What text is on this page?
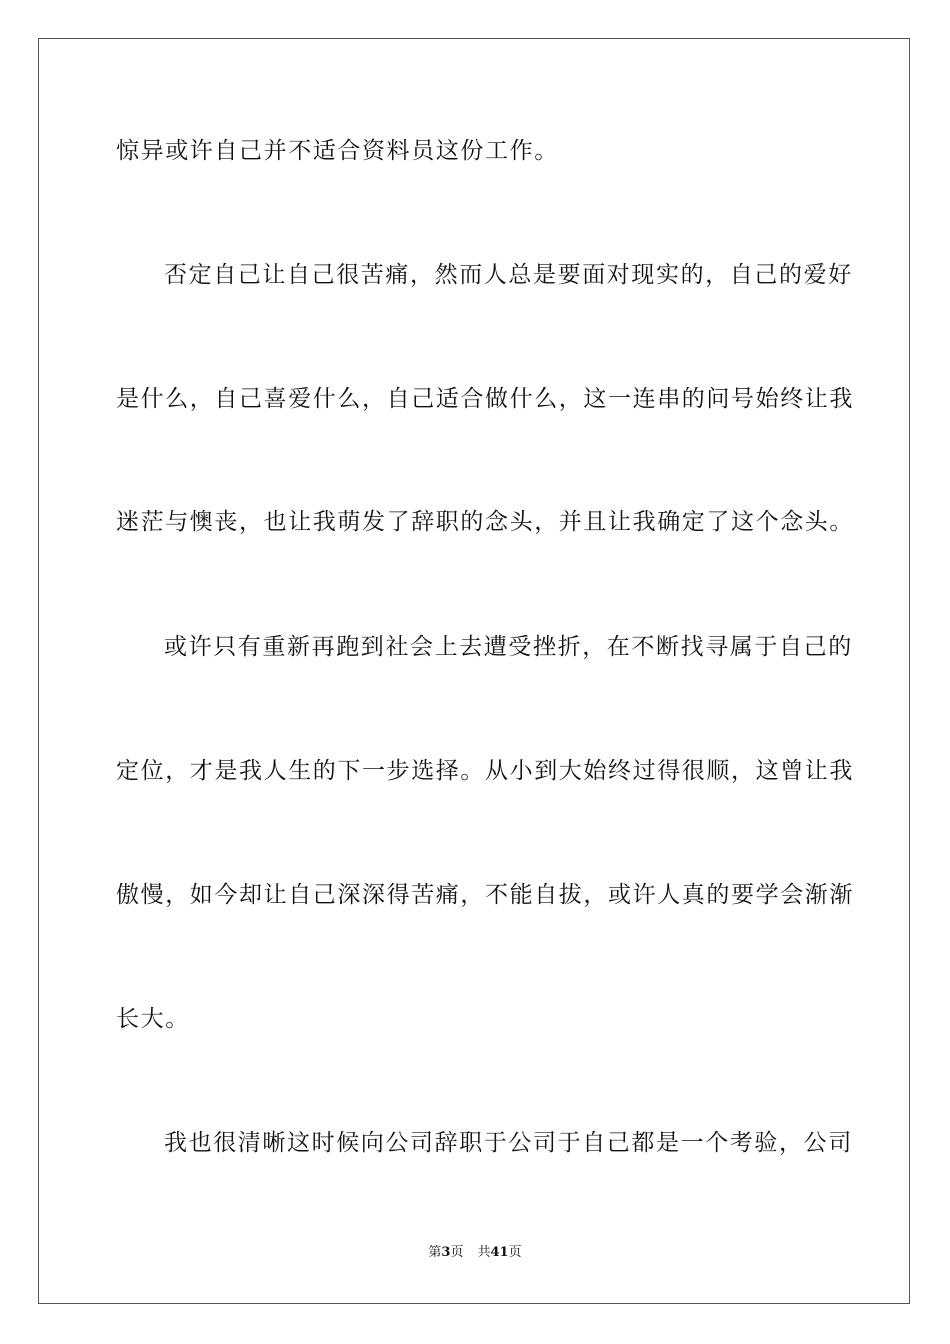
惊异或许自己并不适合资料员这份工作。
否定自己让自己很苦痛，然而人总是要面对现实的，自己的爱好
是什么，自己喜爱什么，自己适合做什么，这一连串的问号始终让我
迷茫与懊丧，也让我萌发了辞职的念头，并且让我确定了这个念头。
或许只有重新再跑到社会上去遭受挫折，在不断找寻属于自己的
定位，才是我人生的下一步选择。从小到大始终过得很顺，这曾让我
傲慢，如今却让自己深深得苦痛，不能自拔，或许人真的要学会渐渐
长大。
我也很清晰这时候向公司辞职于公司于自己都是一个考验，公司
第3页 共41页
